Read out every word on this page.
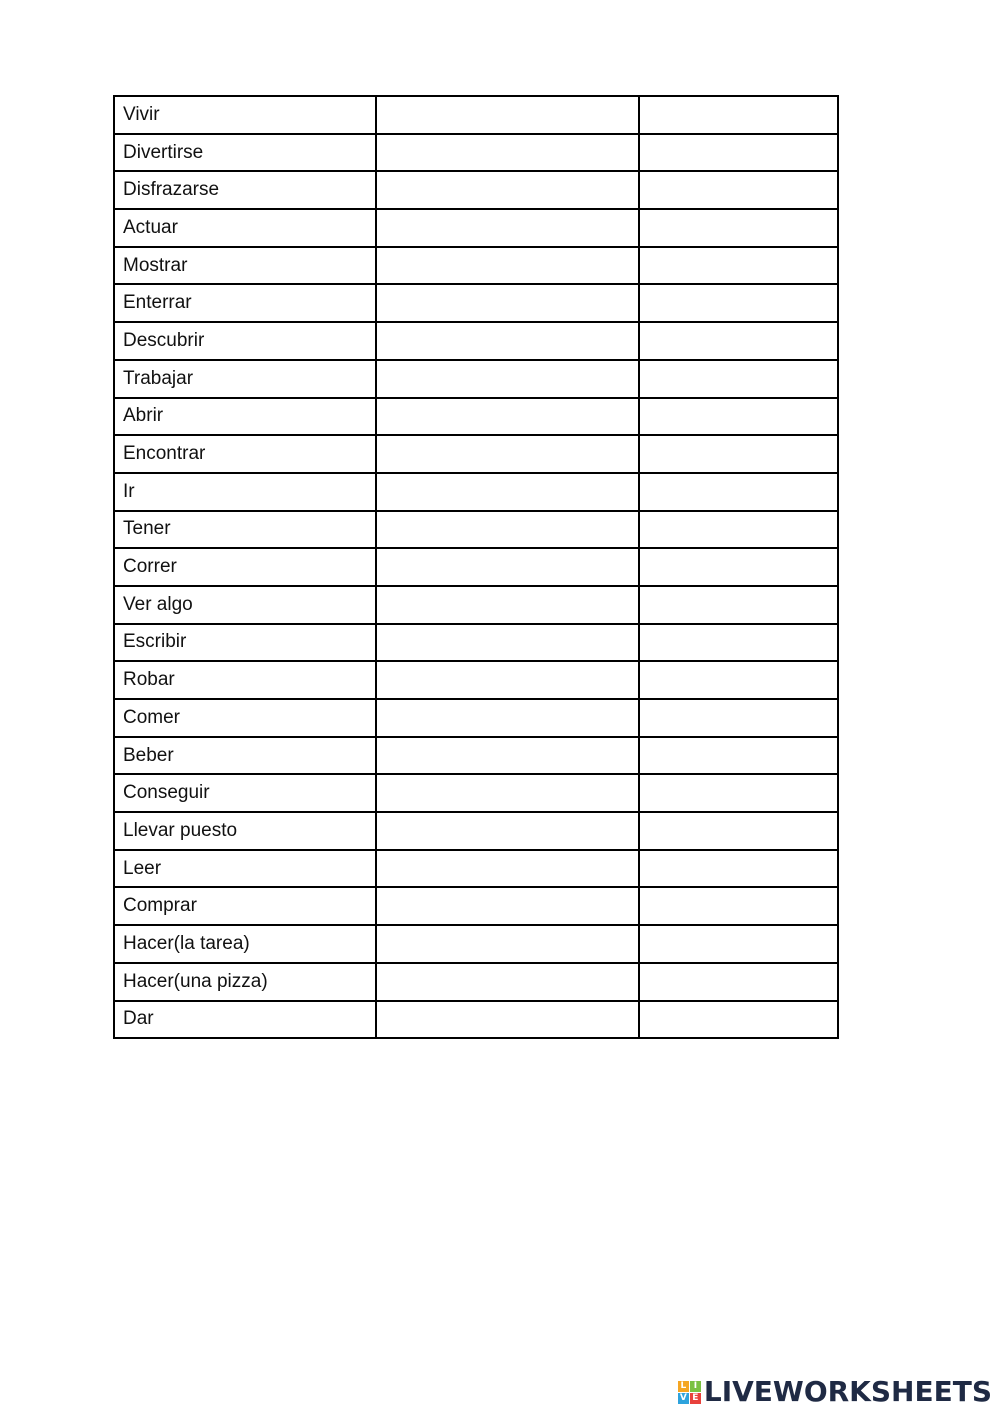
Vivir		
Divertirse		
Disfrazarse		
Actuar		
Mostrar		
Enterrar		
Descubrir		
Trabajar		
Abrir		
Encontrar		
Ir		
Tener		
Correr		
Ver algo		
Escribir		
Robar		
Comer		
Beber		
Conseguir		
Llevar puesto		
Leer		
Comprar		
Hacer(la tarea)		
Hacer(una pizza)		
Dar		
L I
V E LIVEWORKSHEETS
